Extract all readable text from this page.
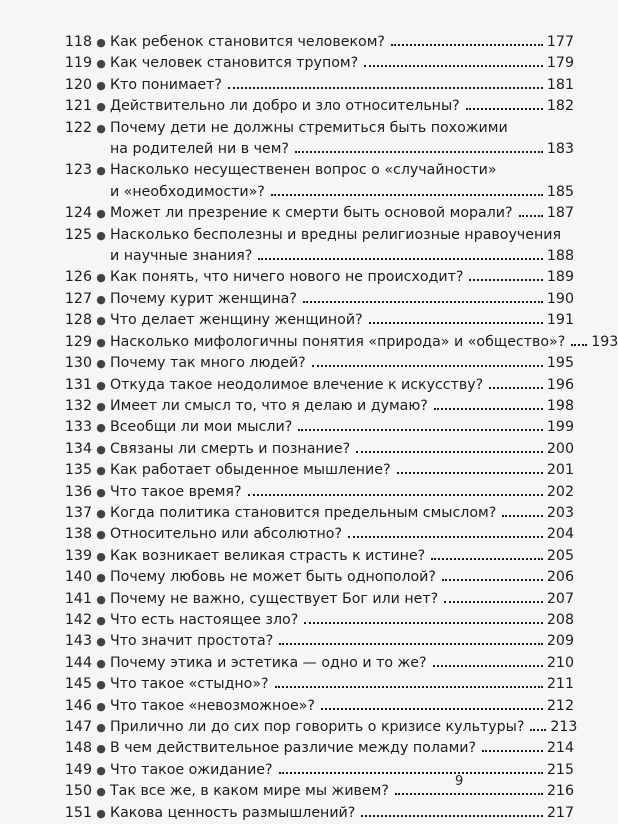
118 ● Как ребенок становится человеком?	177
119 ● Как человек становится трупом?	179
120 ● Кто понимает?	181
121 ● Действительно ли добро и зло относительны?	182
122 ● Почему дети не должны стремиться быть похожими
на родителей ни в чем?	183
123 ● Насколько несущественен вопрос о «случайности»
и «необходимости»?	185
124 ● Может ли презрение к смерти быть основой морали? 187
125 ● Насколько бесполезны и вредны религиозные нравоучения
и научные знания?	188
126 ● Как понять, что ничего нового не происходит?	189
127 ● Почему курит женщина?	190
128 ● Что делает женщину женщиной?	191
129 ● Насколько мифологичны понятия «природа» и «общество»? 193
130 ● Почему так много людей?	195
131 ● Откуда такое неодолимое влечение к искусству?	196
132 ● Имеет ли смысл то, что я делаю и думаю?	198
133 ● Всеобщи ли мои мысли?	199
134 ● Связаны ли смерть и познание?	200
135 ● Как работает обыденное мышление?	201
136 ● Что такое время?	202
137 ● Когда политика становится предельным смыслом?	203
138 ● Относительно или абсолютно?	204
139 ● Как возникает великая страсть к истине?	205
140 ● Почему любовь не может быть однополой?	206
141 ● Почему не важно, существует Бог или нет?	207
142 ● Что есть настоящее зло?	208
143 ● Что значит простота?	209
144 ● Почему этика и эстетика — одно и то же?	210
145 ● Что такое «стыдно»?	211
146 ● Что такое «невозможное»?	212
147 ● Прилично ли до сих пор говорить о кризисе культуры? 213
148 ● В чем действительное различие между полами?	214
149 ● Что такое ожидание?	215
150 ● Так все же, в каком мире мы живем?	216
151 ● Какова ценность размышлений?	217
9
